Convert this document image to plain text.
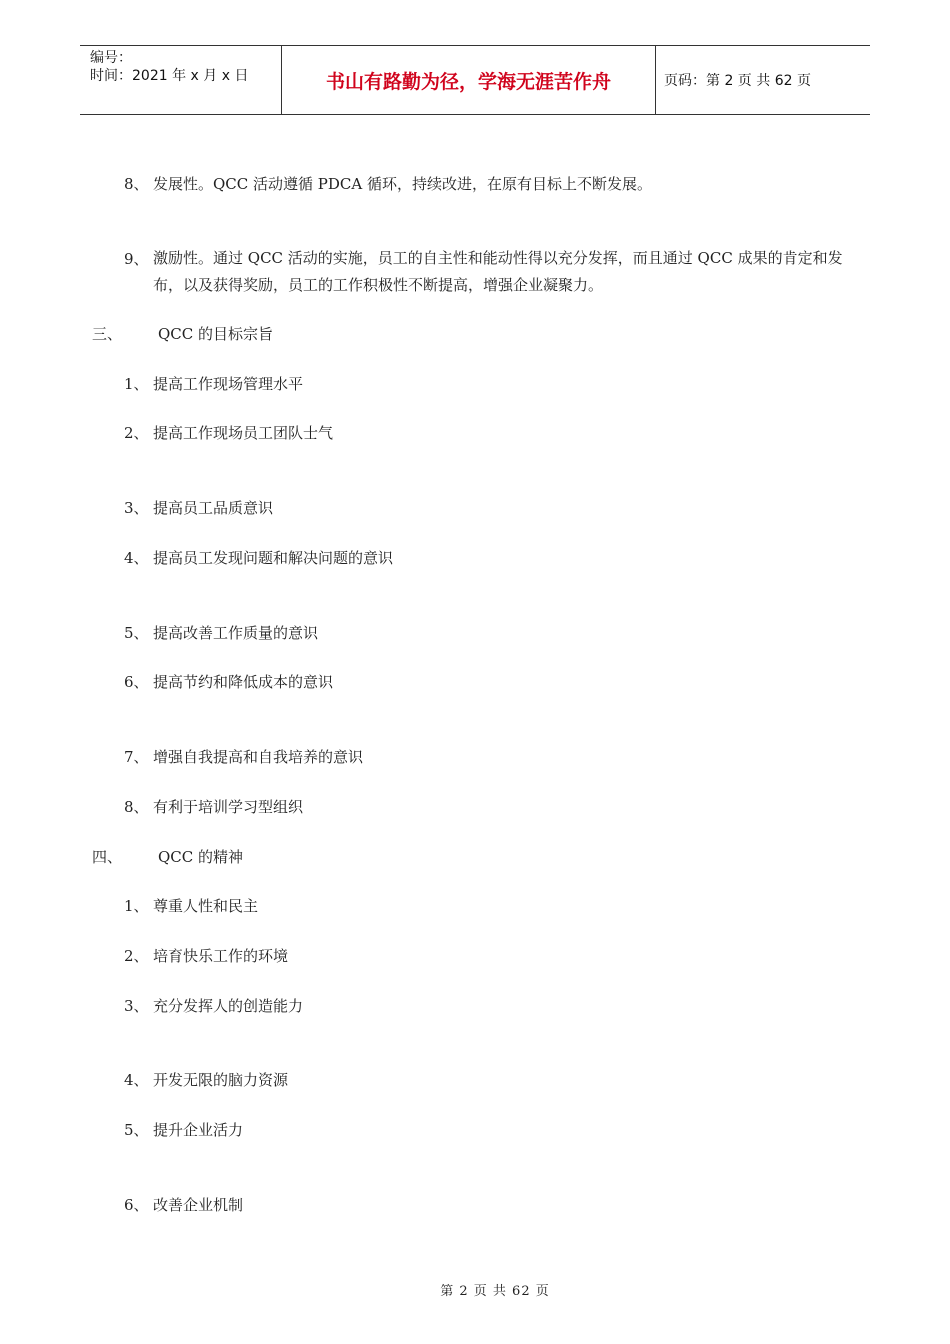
编号：
时间：2021 年 x 月 x 日	书山有路勤为径，学海无涯苦作舟	页码：第 2 页 共 62 页
8、 发展性。QCC 活动遵循 PDCA 循环，持续改进，在原有目标上不断发展。
9、 激励性。通过 QCC 活动的实施，员工的自主性和能动性得以充分发挥，而且通过 QCC 成果的肯定和发布，以及获得奖励，员工的工作积极性不断提高，增强企业凝聚力。
三、 QCC 的目标宗旨
1、 提高工作现场管理水平
2、 提高工作现场员工团队士气
3、 提高员工品质意识
4、 提高员工发现问题和解决问题的意识
5、 提高改善工作质量的意识
6、 提高节约和降低成本的意识
7、 增强自我提高和自我培养的意识
8、 有利于培训学习型组织
四、 QCC 的精神
1、 尊重人性和民主
2、 培育快乐工作的环境
3、 充分发挥人的创造能力
4、 开发无限的脑力资源
5、 提升企业活力
6、 改善企业机制
第 2 页 共 62 页
